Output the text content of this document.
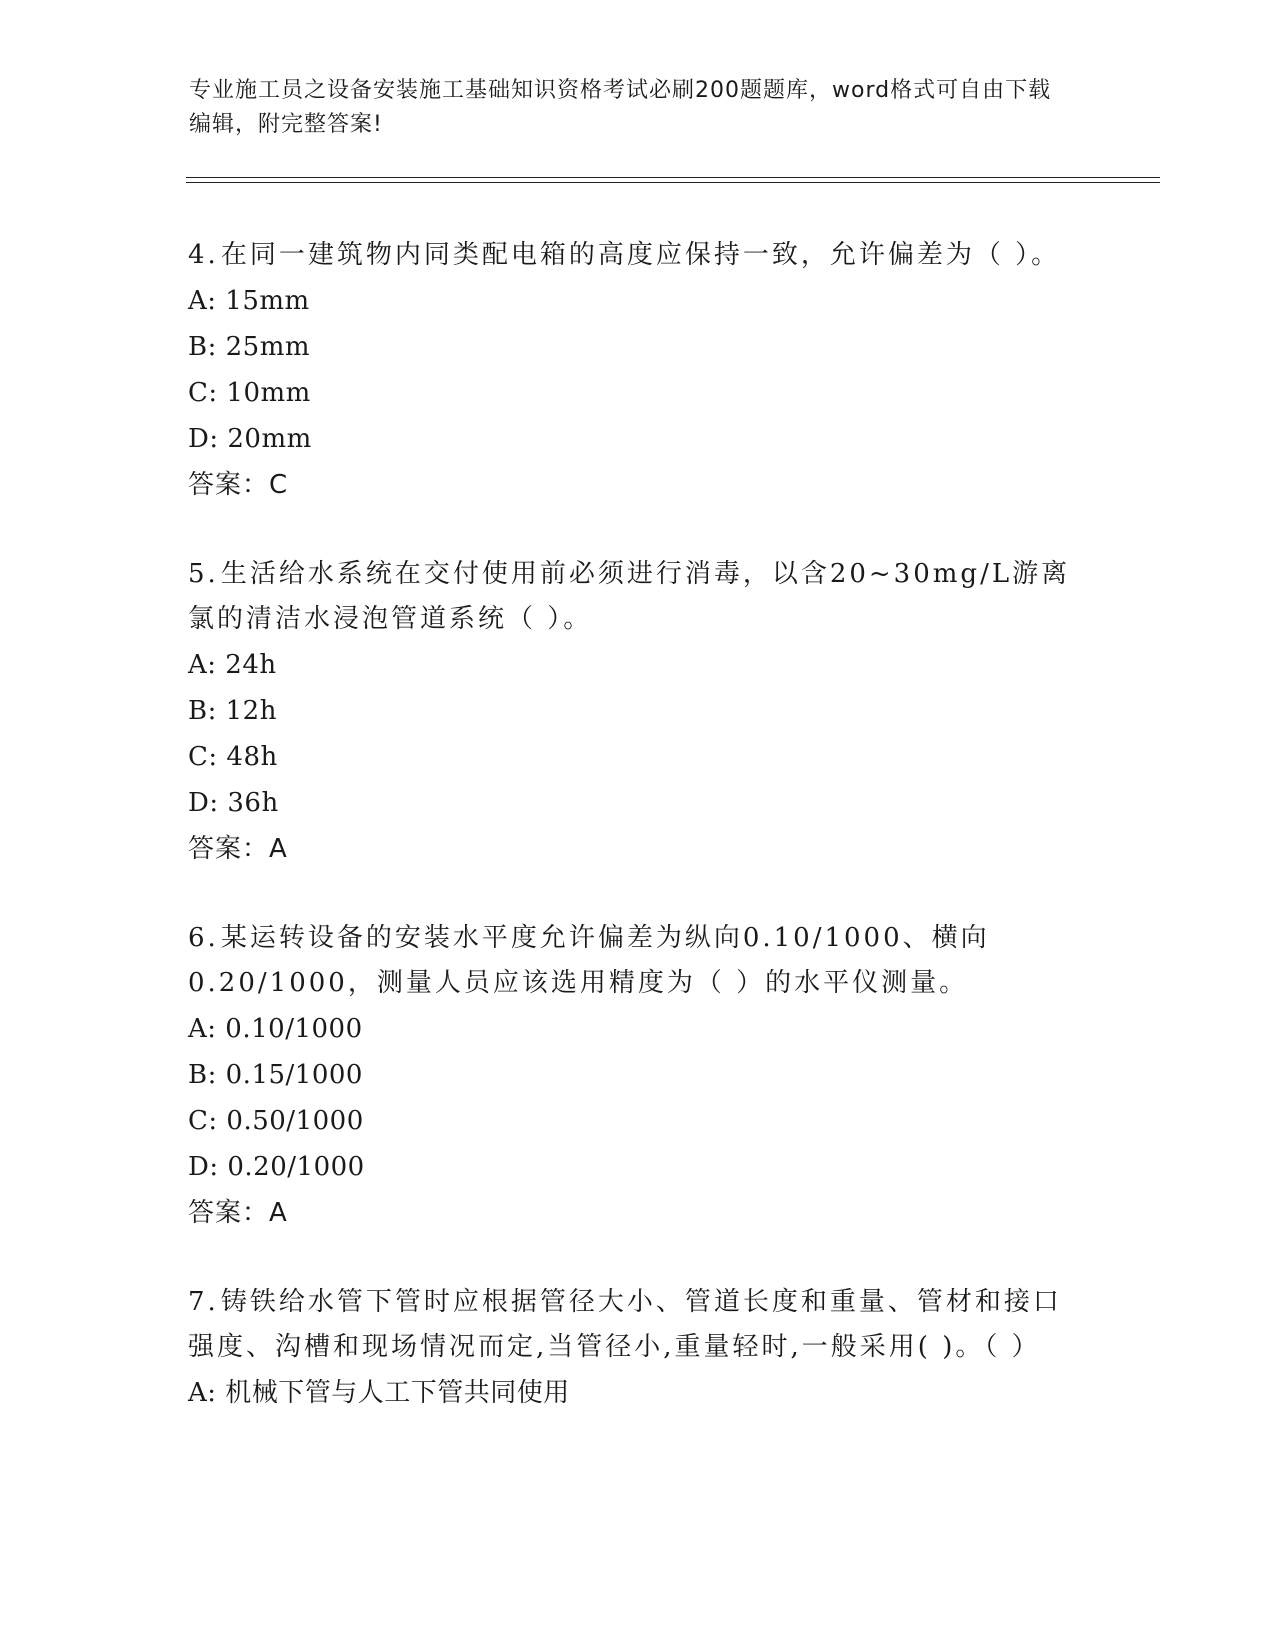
专业施工员之设备安装施工基础知识资格考试必刷200题题库，word格式可自由下载编辑，附完整答案!
4.在同一建筑物内同类配电箱的高度应保持一致，允许偏差为（ ）。
A: 15mm
B: 25mm
C: 10mm
D: 20mm
答案：C
5.生活给水系统在交付使用前必须进行消毒，以含20~30mg/L游离氯的清洁水浸泡管道系统（ ）。
A: 24h
B: 12h
C: 48h
D: 36h
答案：A
6.某运转设备的安装水平度允许偏差为纵向0.10/1000、横向0.20/1000，测量人员应该选用精度为（ ）的水平仪测量。
A: 0.10/1000
B: 0.15/1000
C: 0.50/1000
D: 0.20/1000
答案：A
7.铸铁给水管下管时应根据管径大小、管道长度和重量、管材和接口强度、沟槽和现场情况而定,当管径小,重量轻时,一般采用( )。（ ）
A: 机械下管与人工下管共同使用
